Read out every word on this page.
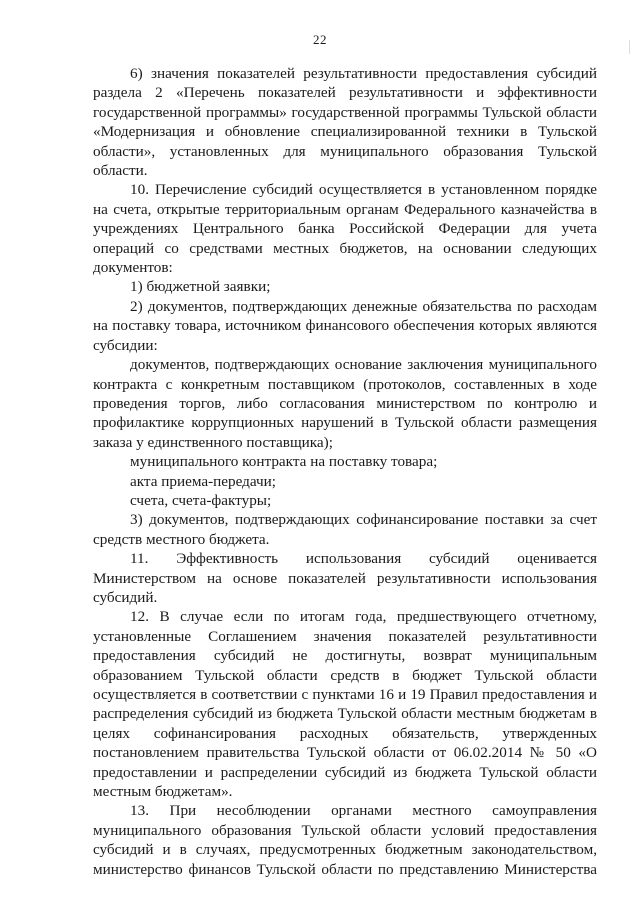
22

6) значения показателей результативности предоставления субсидий раздела 2 «Перечень показателей результативности и эффективности государственной программы» государственной программы Тульской области «Модернизация и обновление специализированной техники в Тульской области», установленных для муниципального образования Тульской области.

10. Перечисление субсидий осуществляется в установленном порядке на счета, открытые территориальным органам Федерального казначейства в учреждениях Центрального банка Российской Федерации для учета операций со средствами местных бюджетов, на основании следующих документов:

1) бюджетной заявки;

2) документов, подтверждающих денежные обязательства по расходам на поставку товара, источником финансового обеспечения которых являются субсидии:

документов, подтверждающих основание заключения муниципального контракта с конкретным поставщиком (протоколов, составленных в ходе проведения торгов, либо согласования министерством по контролю и профилактике коррупционных нарушений в Тульской области размещения заказа у единственного поставщика);

муниципального контракта на поставку товара;

акта приема-передачи;

счета, счета-фактуры;

3) документов, подтверждающих софинансирование поставки за счет средств местного бюджета.

11. Эффективность использования субсидий оценивается Министерством на основе показателей результативности использования субсидий.

12. В случае если по итогам года, предшествующего отчетному, установленные Соглашением значения показателей результативности предоставления субсидий не достигнуты, возврат муниципальным образованием Тульской области средств в бюджет Тульской области осуществляется в соответствии с пунктами 16 и 19 Правил предоставления и распределения субсидий из бюджета Тульской области местным бюджетам в целях софинансирования расходных обязательств, утвержденных постановлением правительства Тульской области от 06.02.2014 № 50 «О предоставлении и распределении субсидий из бюджета Тульской области местным бюджетам».

13. При несоблюдении органами местного самоуправления муниципального образования Тульской области условий предоставления субсидий и в случаях, предусмотренных бюджетным законодательством, министерство финансов Тульской области по представлению Министерства
